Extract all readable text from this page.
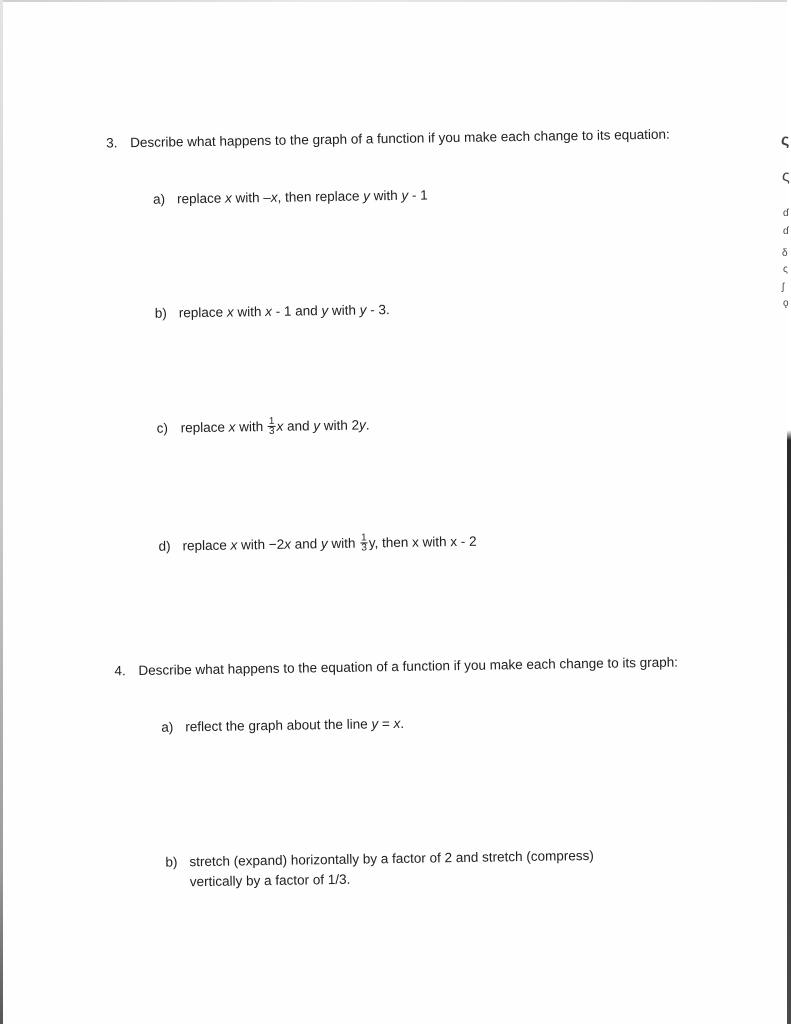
ς
ς
ɗ
ɗ
δ
ς
ʃ
ǫ
3. Describe what happens to the graph of a function if you make each change to its equation:
a) replace x with –x, then replace y with y - 1
b) replace x with x - 1 and y with y - 3.
c) replace x with $\frac{1}{3}$ x and y with 2y.
d) replace x with −2x and y with $\frac{1}{3} y$, then x with x - 2
4. Describe what happens to the equation of a function if you make each change to its graph:
a) reflect the graph about the line y = x.
b) stretch (expand) horizontally by a factor of 2 and stretch (compress)
vertically by a factor of 1/3.
